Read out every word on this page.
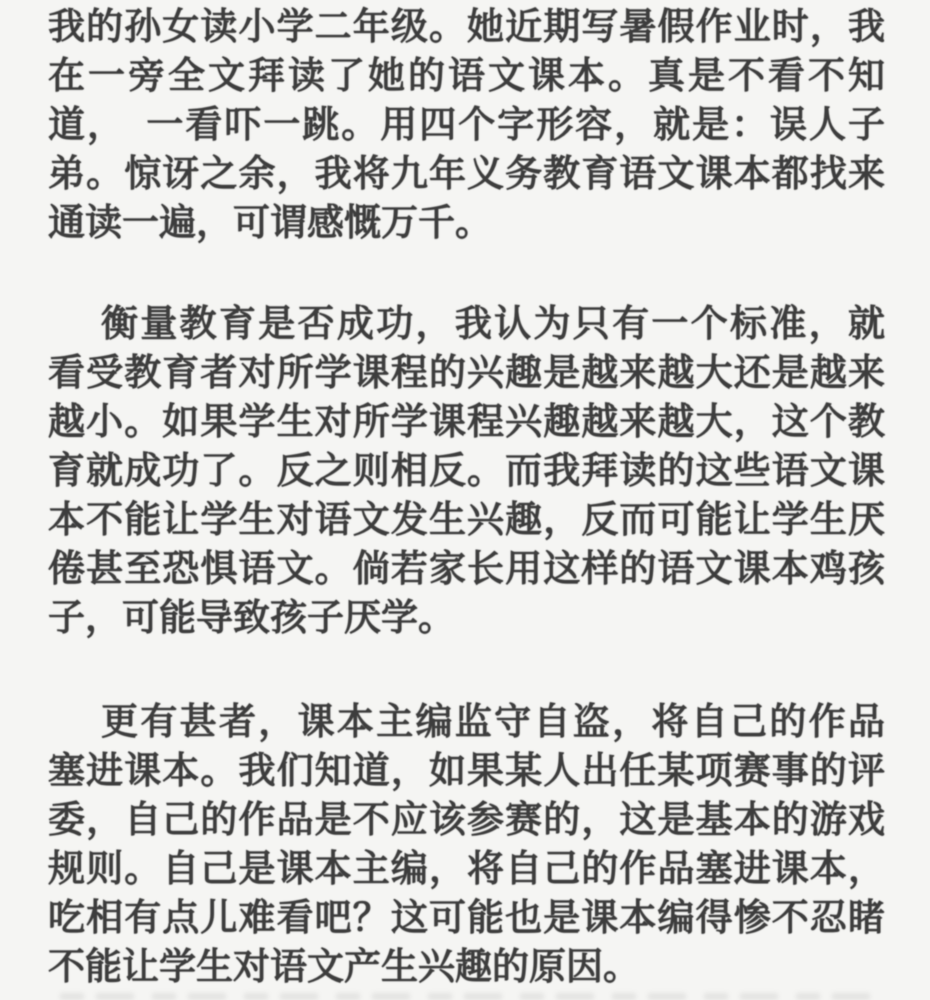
我的孙女读小学二年级。她近期写暑假作业时，我
在一旁全文拜读了她的语文课本。真是不看不知
道，　一看吓一跳。用四个字形容，就是：误人子
弟。惊讶之余，我将九年义务教育语文课本都找来
通读一遍，可谓感慨万千。
衡量教育是否成功，我认为只有一个标准，就
看受教育者对所学课程的兴趣是越来越大还是越来
越小。如果学生对所学课程兴趣越来越大，这个教
育就成功了。反之则相反。而我拜读的这些语文课
本不能让学生对语文发生兴趣，反而可能让学生厌
倦甚至恐惧语文。倘若家长用这样的语文课本鸡孩
子，可能导致孩子厌学。
更有甚者，课本主编监守自盗，将自己的作品
塞进课本。我们知道，如果某人出任某项赛事的评
委，自己的作品是不应该参赛的，这是基本的游戏
规则。自己是课本主编，将自己的作品塞进课本，
吃相有点儿难看吧？这可能也是课本编得惨不忍睹
不能让学生对语文产生兴趣的原因。
